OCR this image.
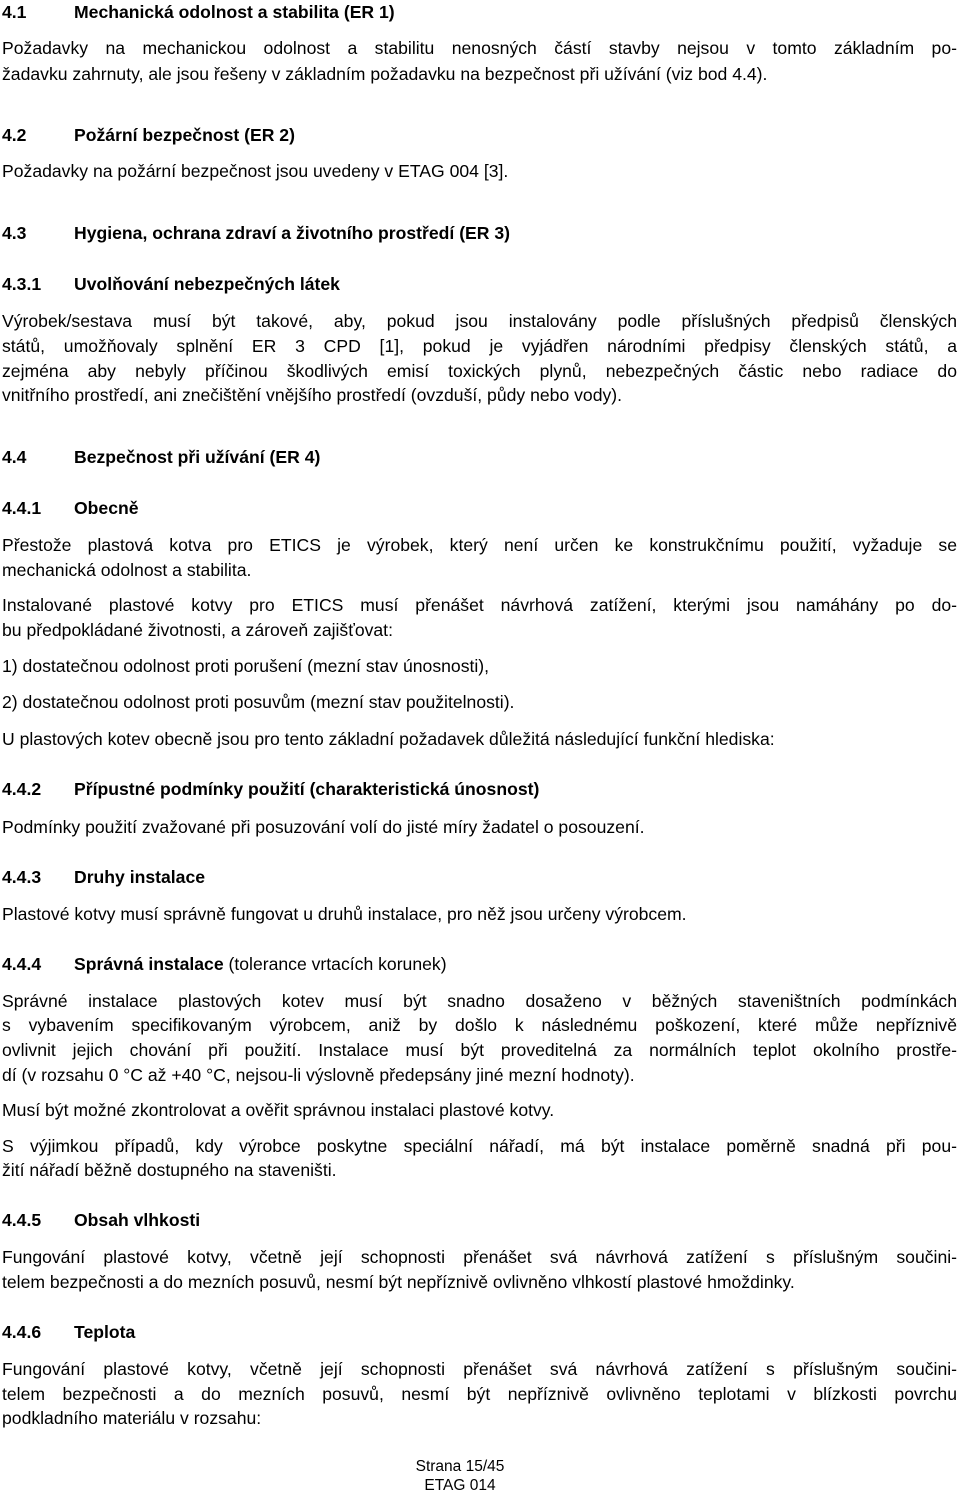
4.1	Mechanická odolnost a stabilita (ER 1)

Požadavky na mechanickou odolnost a stabilitu nenosných částí stavby nejsou v tomto základním po-

žadavku zahrnuty, ale jsou řešeny v základním požadavku na bezpečnost při užívání (viz bod 4.4).

4.2	Požární bezpečnost (ER 2)

Požadavky na požární bezpečnost jsou uvedeny v ETAG 004 [3].

4.3	Hygiena, ochrana zdraví a životního prostředí (ER 3)

4.3.1 Uvolňování nebezpečných látek

Výrobek/sestava musí být takové, aby, pokud jsou instalovány podle příslušných předpisů členských

států, umožňovaly splnění ER 3 CPD [1], pokud je vyjádřen národními předpisy členských států, a

zejména aby nebyly příčinou škodlivých emisí toxických plynů, nebezpečných částic nebo radiace do

vnitřního prostředí, ani znečištění vnějšího prostředí (ovzduší, půdy nebo vody).

4.4	Bezpečnost při užívání (ER 4)

4.4.1 Obecně

Přestože plastová kotva pro ETICS je výrobek, který není určen ke konstrukčnímu použití, vyžaduje se

mechanická odolnost a stabilita.

Instalované plastové kotvy pro ETICS musí přenášet návrhová zatížení, kterými jsou namáhány po do-

bu předpokládané životnosti, a zároveň zajišťovat:

1) dostatečnou odolnost proti porušení (mezní stav únosnosti),

2) dostatečnou odolnost proti posuvům (mezní stav použitelnosti).

U plastových kotev obecně jsou pro tento základní požadavek důležitá následující funkční hlediska:

4.4.2 Přípustné podmínky použití (charakteristická únosnost)

Podmínky použití zvažované při posuzování volí do jisté míry žadatel o posouzení.

4.4.3 Druhy instalace

Plastové kotvy musí správně fungovat u druhů instalace, pro něž jsou určeny výrobcem.

4.4.4 Správná instalace (tolerance vrtacích korunek)

Správné instalace plastových kotev musí být snadno dosaženo v běžných staveništních podmínkách

s vybavením specifikovaným výrobcem, aniž by došlo k následnému poškození, které může nepříznivě

ovlivnit jejich chování při použití. Instalace musí být proveditelná za normálních teplot okolního prostře-

dí (v rozsahu 0 °C až +40 °C, nejsou-li výslovně předepsány jiné mezní hodnoty).

Musí být možné zkontrolovat a ověřit správnou instalaci plastové kotvy.

S výjimkou případů, kdy výrobce poskytne speciální nářadí, má být instalace poměrně snadná při pou-

žití nářadí běžně dostupného na staveništi.

4.4.5 Obsah vlhkosti

Fungování plastové kotvy, včetně její schopnosti přenášet svá návrhová zatížení s příslušným součini-

telem bezpečnosti a do mezních posuvů, nesmí být nepříznivě ovlivněno vlhkostí plastové hmoždinky.

4.4.6 Teplota

Fungování plastové kotvy, včetně její schopnosti přenášet svá návrhová zatížení s příslušným součini-

telem bezpečnosti a do mezních posuvů, nesmí být nepříznivě ovlivněno teplotami v blízkosti povrchu

podkladního materiálu v rozsahu:

Strana 15/45

ETAG 014
